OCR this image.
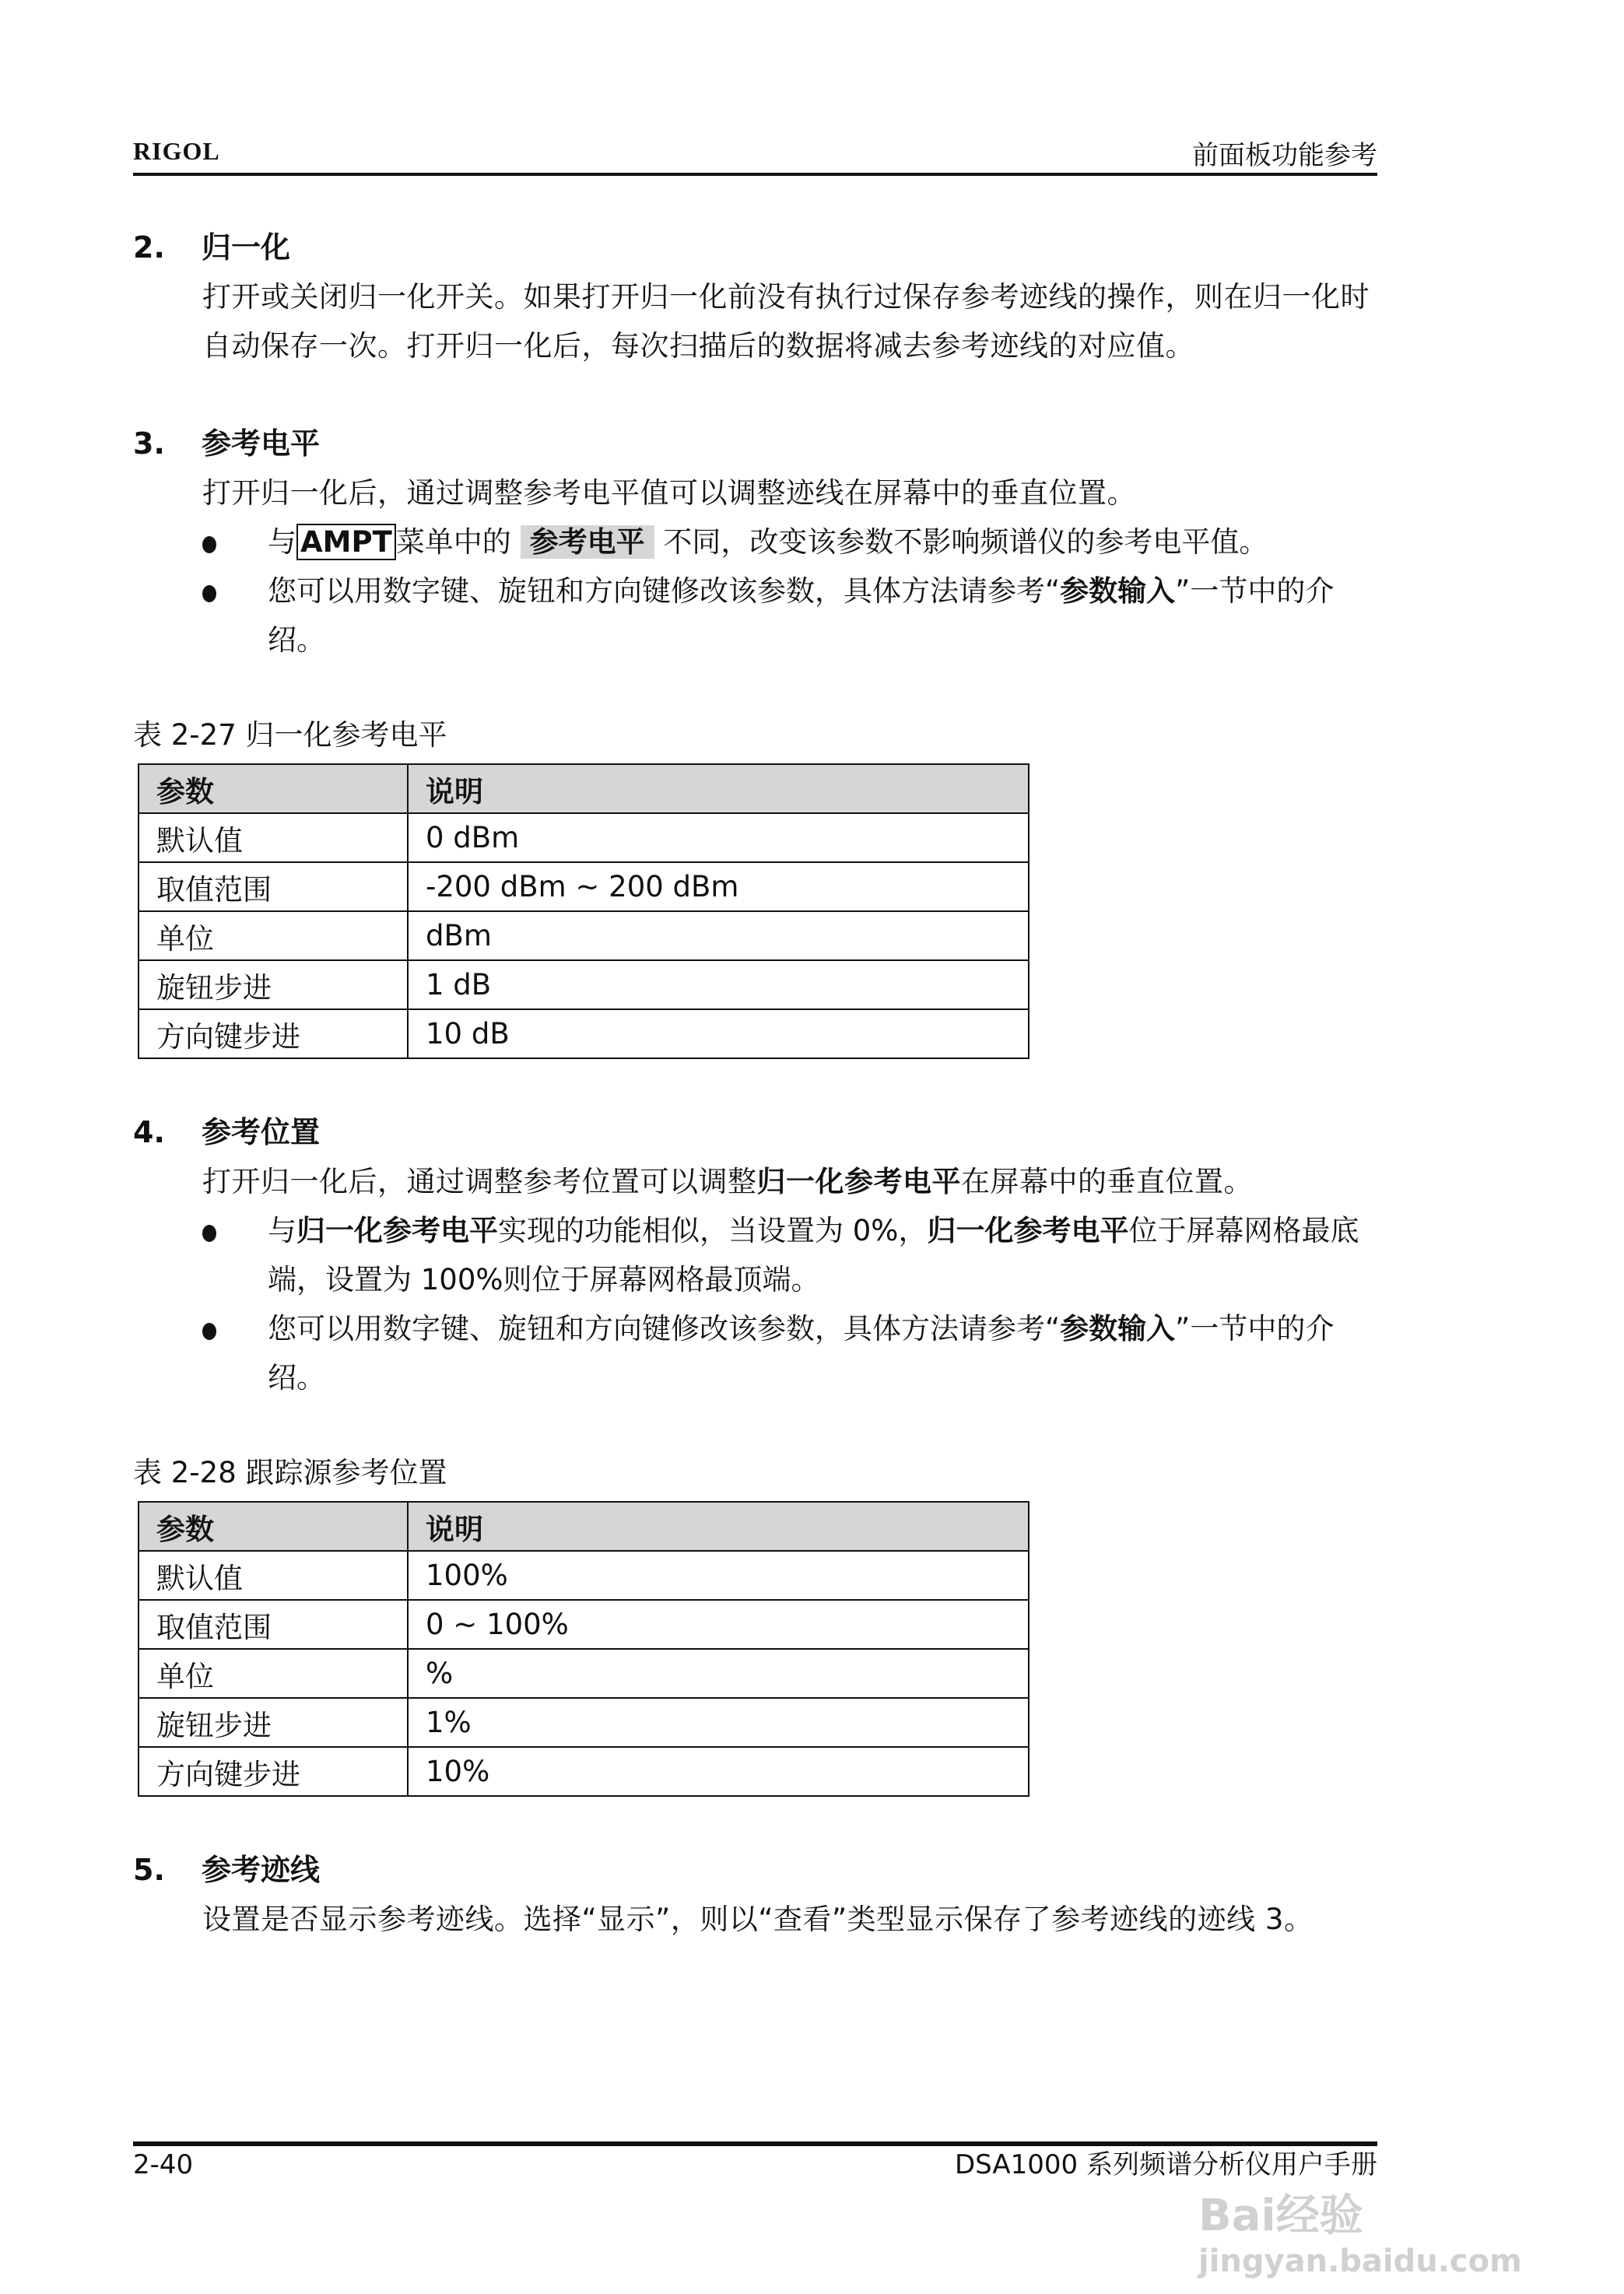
RIGOL	前面板功能参考
2. 归一化
打开或关闭归一化开关。如果打开归一化前没有执行过保存参考迹线的操作，则在归一化时自动保存一次。打开归一化后，每次扫描后的数据将减去参考迹线的对应值。
3. 参考电平
打开归一化后，通过调整参考电平值可以调整迹线在屏幕中的垂直位置。
与 AMPT 菜单中的 参考电平 不同，改变该参数不影响频谱仪的参考电平值。
您可以用数字键、旋钮和方向键修改该参数，具体方法请参考“参数输入”一节中的介绍。
表 2-27 归一化参考电平
参数	说明
默认值	0 dBm
取值范围	-200 dBm ~ 200 dBm
单位	dBm
旋钮步进	1 dB
方向键步进	10 dB
4. 参考位置
打开归一化后，通过调整参考位置可以调整归一化参考电平在屏幕中的垂直位置。
与归一化参考电平实现的功能相似，当设置为 0%，归一化参考电平位于屏幕网格最底端，设置为 100%则位于屏幕网格最顶端。
您可以用数字键、旋钮和方向键修改该参数，具体方法请参考“参数输入”一节中的介绍。
表 2-28 跟踪源参考位置
参数	说明
默认值	100%
取值范围	0 ~ 100%
单位	%
旋钮步进	1%
方向键步进	10%
5. 参考迹线
设置是否显示参考迹线。选择“显示”，则以“查看”类型显示保存了参考迹线的迹线 3。
2-40	DSA1000 系列频谱分析仪用户手册
Bai经验
jingyan.baidu.com
